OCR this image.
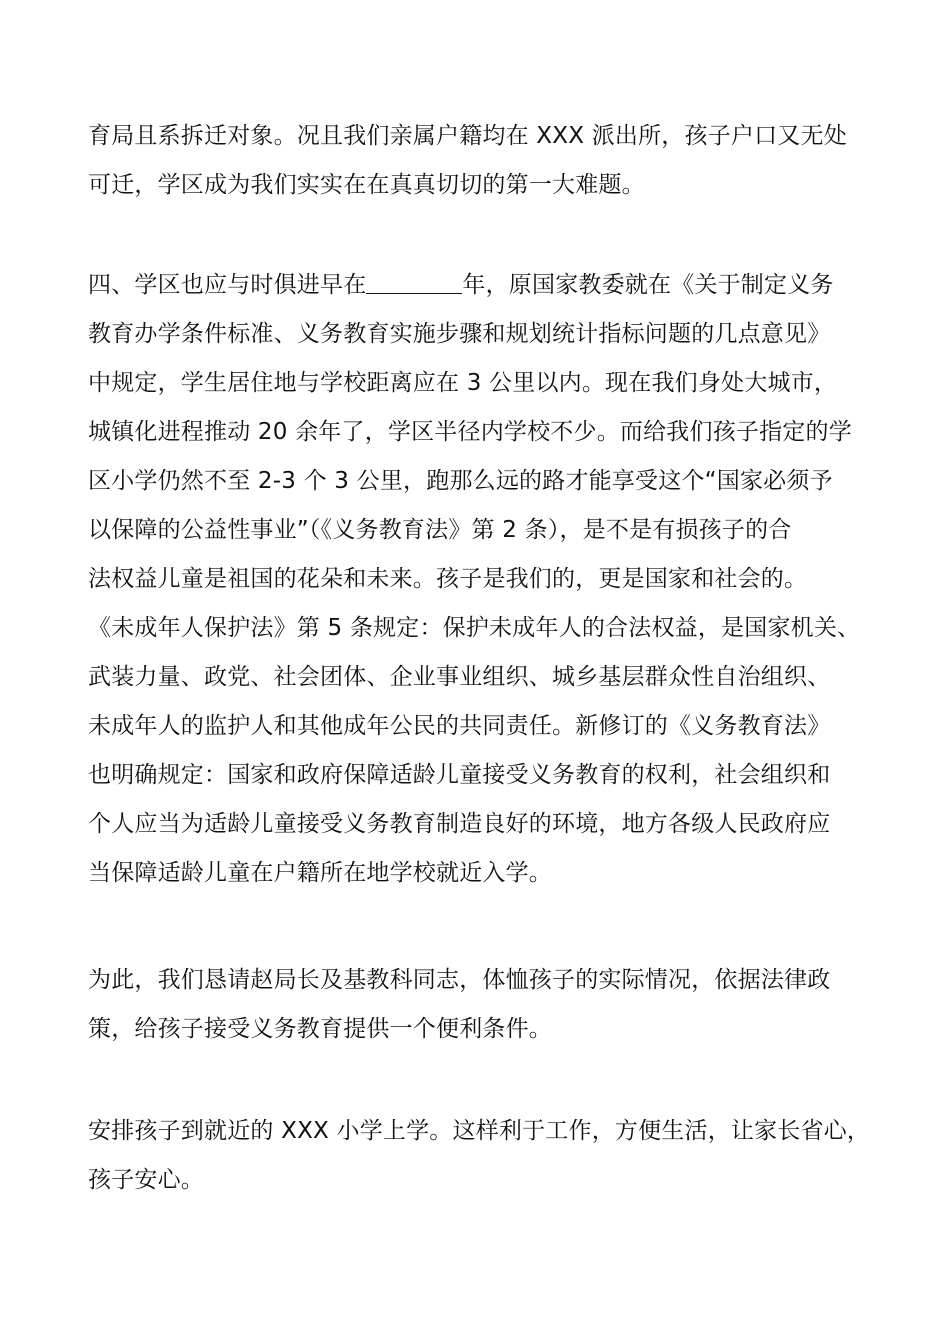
育局且系拆迁对象。况且我们亲属户籍均在 XXX 派出所，孩子户口又无处
可迁，学区成为我们实实在在真真切切的第一大难题。
四、学区也应与时俱进早在	年，原国家教委就在《关于制定义务
教育办学条件标准、义务教育实施步骤和规划统计指标问题的几点意见》
中规定，学生居住地与学校距离应在 3 公里以内。现在我们身处大城市，
城镇化进程推动 20 余年了，学区半径内学校不少。而给我们孩子指定的学
区小学仍然不至 2-3 个 3 公里，跑那么远的路才能享受这个“国家必须予
以保障的公益性事业”（《义务教育法》第 2 条），是不是有损孩子的合
法权益儿童是祖国的花朵和未来。孩子是我们的，更是国家和社会的。
《未成年人保护法》第 5 条规定：保护未成年人的合法权益，是国家机关、
武装力量、政党、社会团体、企业事业组织、城乡基层群众性自治组织、
未成年人的监护人和其他成年公民的共同责任。新修订的《义务教育法》
也明确规定：国家和政府保障适龄儿童接受义务教育的权利，社会组织和
个人应当为适龄儿童接受义务教育制造良好的环境，地方各级人民政府应
当保障适龄儿童在户籍所在地学校就近入学。
为此，我们恳请赵局长及基教科同志，体恤孩子的实际情况，依据法律政
策，给孩子接受义务教育提供一个便利条件。
安排孩子到就近的 XXX 小学上学。这样利于工作，方便生活，让家长省心，
孩子安心。
